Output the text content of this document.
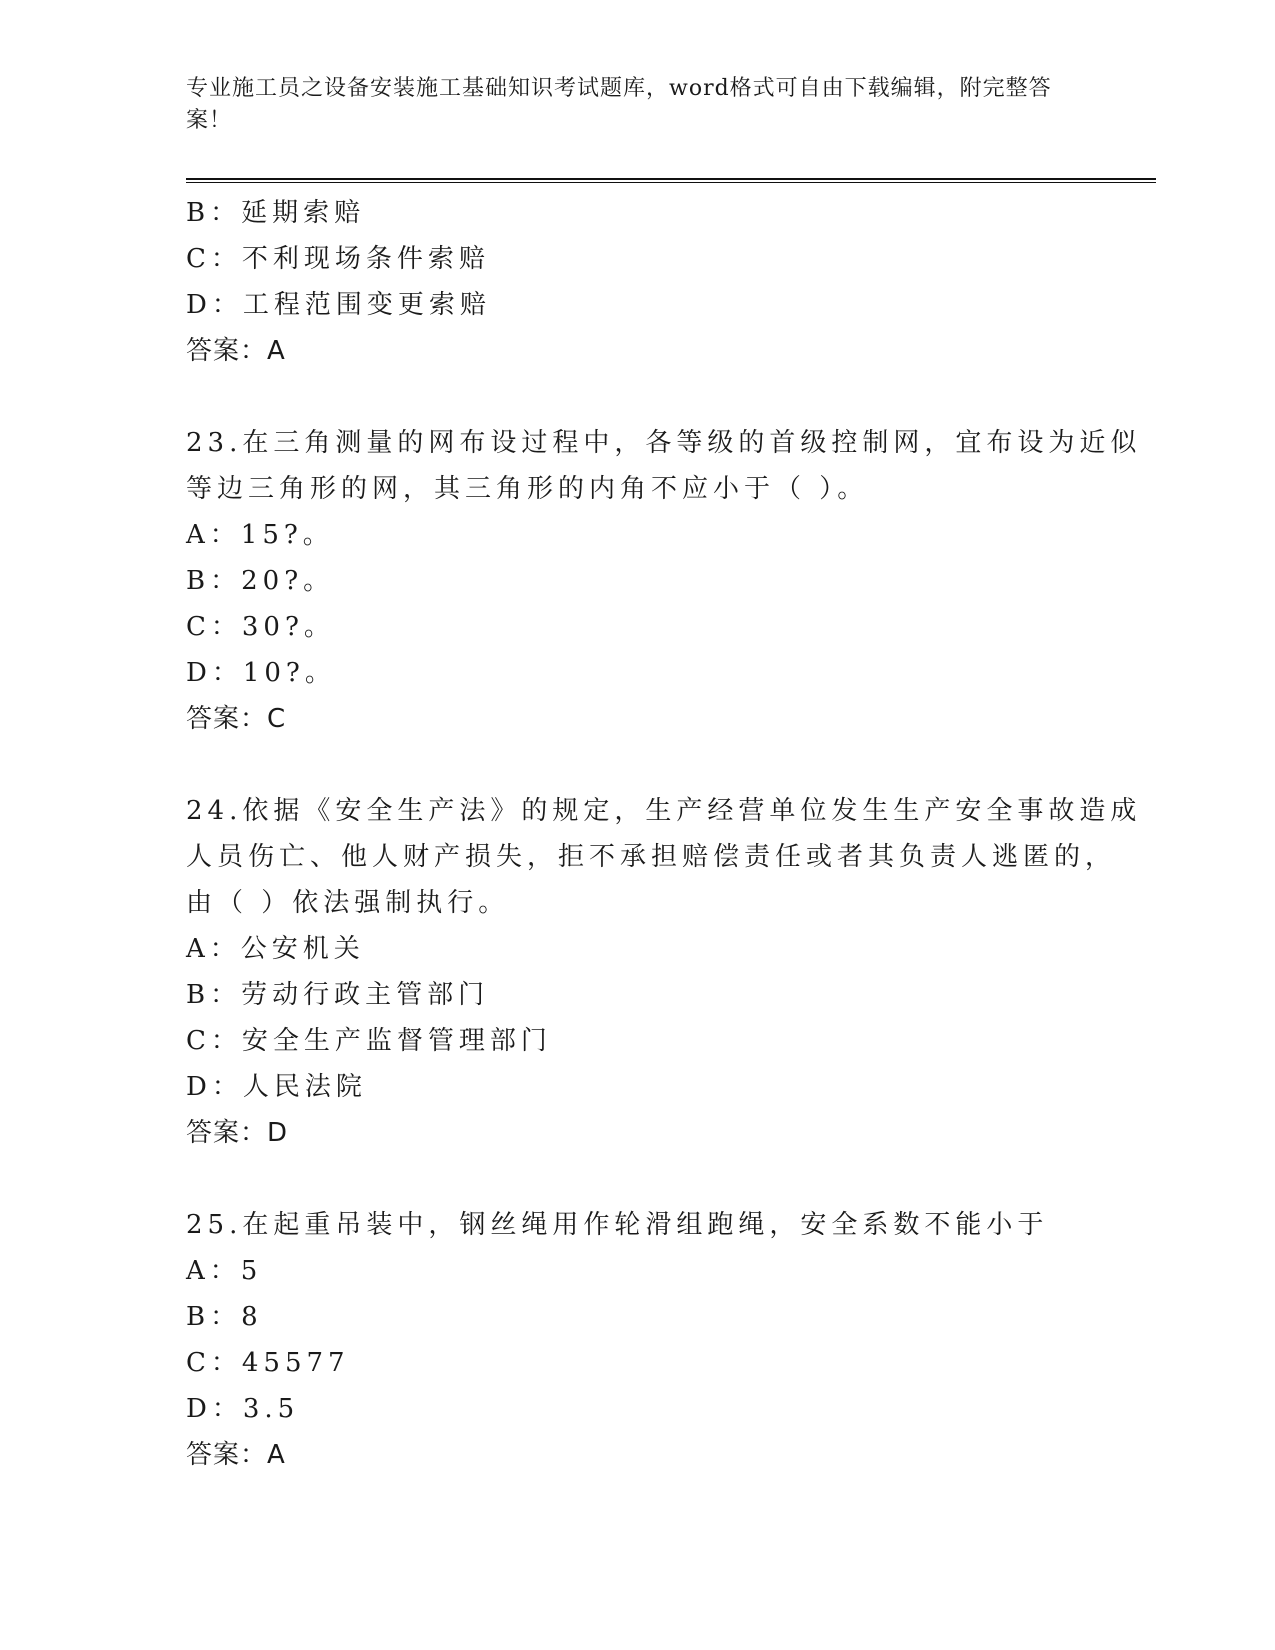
专业施工员之设备安装施工基础知识考试题库，word格式可自由下载编辑，附完整答案！
B：延期索赔
C：不利现场条件索赔
D：工程范围变更索赔
答案：A
23.在三角测量的网布设过程中，各等级的首级控制网，宜布设为近似
等边三角形的网，其三角形的内角不应小于（ ）。
A：15?。
B：20?。
C：30?。
D：10?。
答案：C
24.依据《安全生产法》的规定，生产经营单位发生生产安全事故造成
人员伤亡、他人财产损失，拒不承担赔偿责任或者其负责人逃匿的，
由（ ）依法强制执行。
A：公安机关
B：劳动行政主管部门
C：安全生产监督管理部门
D：人民法院
答案：D
25.在起重吊装中，钢丝绳用作轮滑组跑绳，安全系数不能小于
A：5
B：8
C：45577
D：3.5
答案：A
